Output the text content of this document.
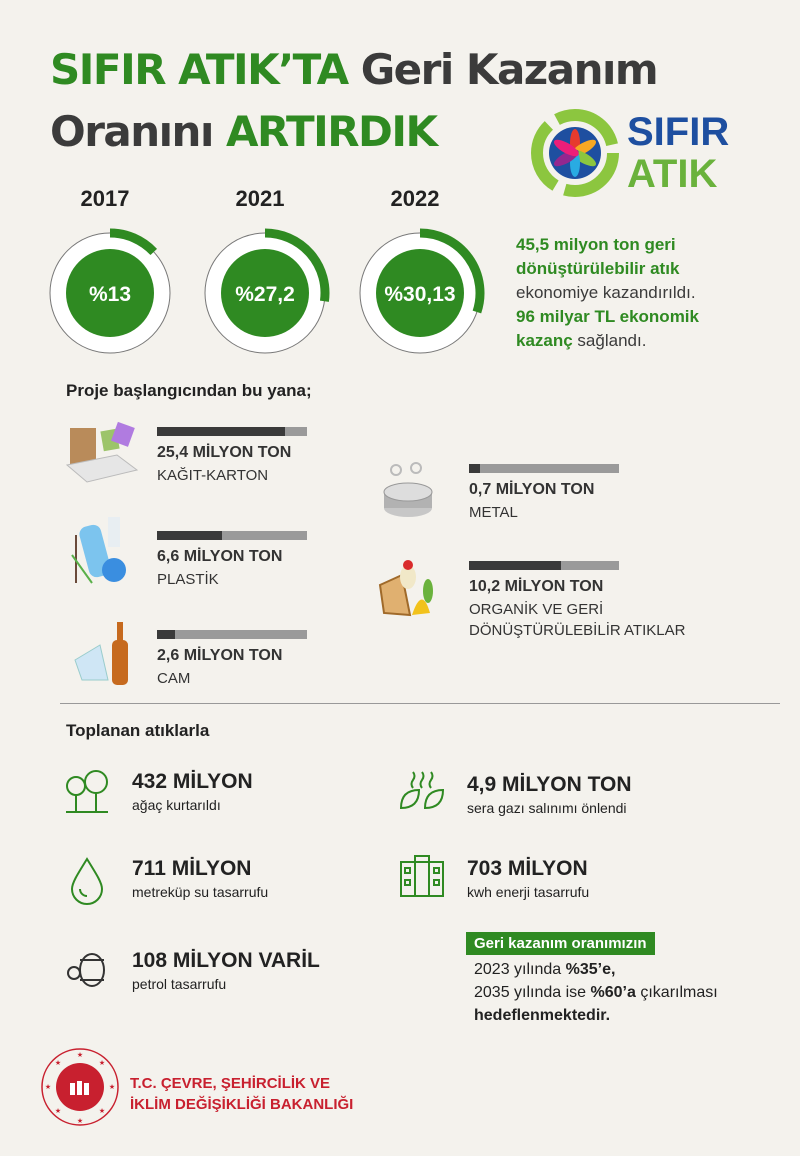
SIFIR ATIK’TA Geri Kazanım
Oranını ARTIRDIK	SIFIR
ATIK
2017	2021	2022
%13	%27,2	%30,13
45,5 milyon ton geri
dönüştürülebilir atık
ekonomiye kazandırıldı.
96 milyar TL ekonomik
kazanç sağlandı.
Proje başlangıcından bu yana;
25,4 MİLYON TON
KAĞIT-KARTON
6,6 MİLYON TON
PLASTİK
2,6 MİLYON TON
CAM
0,7 MİLYON TON
METAL
10,2 MİLYON TON
ORGANİK VE GERİ
DÖNÜŞTÜRÜLEBİLİR ATIKLAR
Toplanan atıklarla
432 MİLYON
ağaç kurtarıldı
711 MİLYON
metreküp su tasarrufu
108 MİLYON VARİL
petrol tasarrufu
4,9 MİLYON TON
sera gazı salınımı önlendi
703 MİLYON
kwh enerji tasarrufu
Geri kazanım oranımızın
2023 yılında %35’e,
2035 yılında ise %60’a çıkarılması
hedeflenmektedir.
★
★
★
★
★
★
★
★
T.C. ÇEVRE, ŞEHİRCİLİK VE
İKLİM DEĞİŞİKLİĞİ BAKANLIĞI
